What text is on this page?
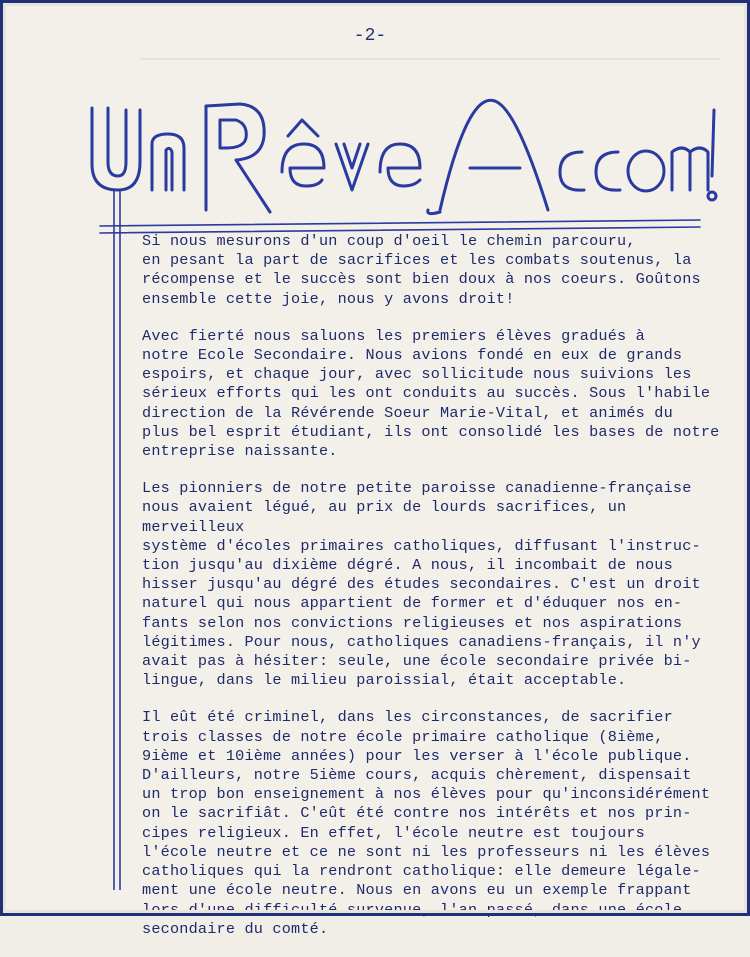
-2-

Si nous mesurons d'un coup d'oeil le chemin parcouru,
en pesant la part de sacrifices et les combats soutenus, la
récompense et le succès sont bien doux à nos coeurs. Goûtons
ensemble cette joie, nous y avons droit!

Avec fierté nous saluons les premiers élèves gradués à
notre Ecole Secondaire. Nous avions fondé en eux de grands
espoirs, et chaque jour, avec sollicitude nous suivions les
sérieux efforts qui les ont conduits au succès. Sous l'habile
direction de la Révérende Soeur Marie-Vital, et animés du
plus bel esprit étudiant, ils ont consolidé les bases de notre
entreprise naissante.

Les pionniers de notre petite paroisse canadienne-française
nous avaient légué, au prix de lourds sacrifices, un merveilleux
système d'écoles primaires catholiques, diffusant l'instruc-
tion jusqu'au dixième dégré. A nous, il incombait de nous
hisser jusqu'au dégré des études secondaires. C'est un droit
naturel qui nous appartient de former et d'éduquer nos en-
fants selon nos convictions religieuses et nos aspirations
légitimes. Pour nous, catholiques canadiens-français, il n'y
avait pas à hésiter: seule, une école secondaire privée bi-
lingue, dans le milieu paroissial, était acceptable.

Il eût été criminel, dans les circonstances, de sacrifier
trois classes de notre école primaire catholique (8ième,
9ième et 10ième années) pour les verser à l'école publique.
D'ailleurs, notre 5ième cours, acquis chèrement, dispensait
un trop bon enseignement à nos élèves pour qu'inconsidérément
on le sacrifiât. C'eût été contre nos intérêts et nos prin-
cipes religieux. En effet, l'école neutre est toujours
l'école neutre et ce ne sont ni les professeurs ni les élèves
catholiques qui la rendront catholique: elle demeure légale-
ment une école neutre. Nous en avons eu un exemple frappant
lors d'une difficulté survenue, l'an passé, dans une école
secondaire du comté.
